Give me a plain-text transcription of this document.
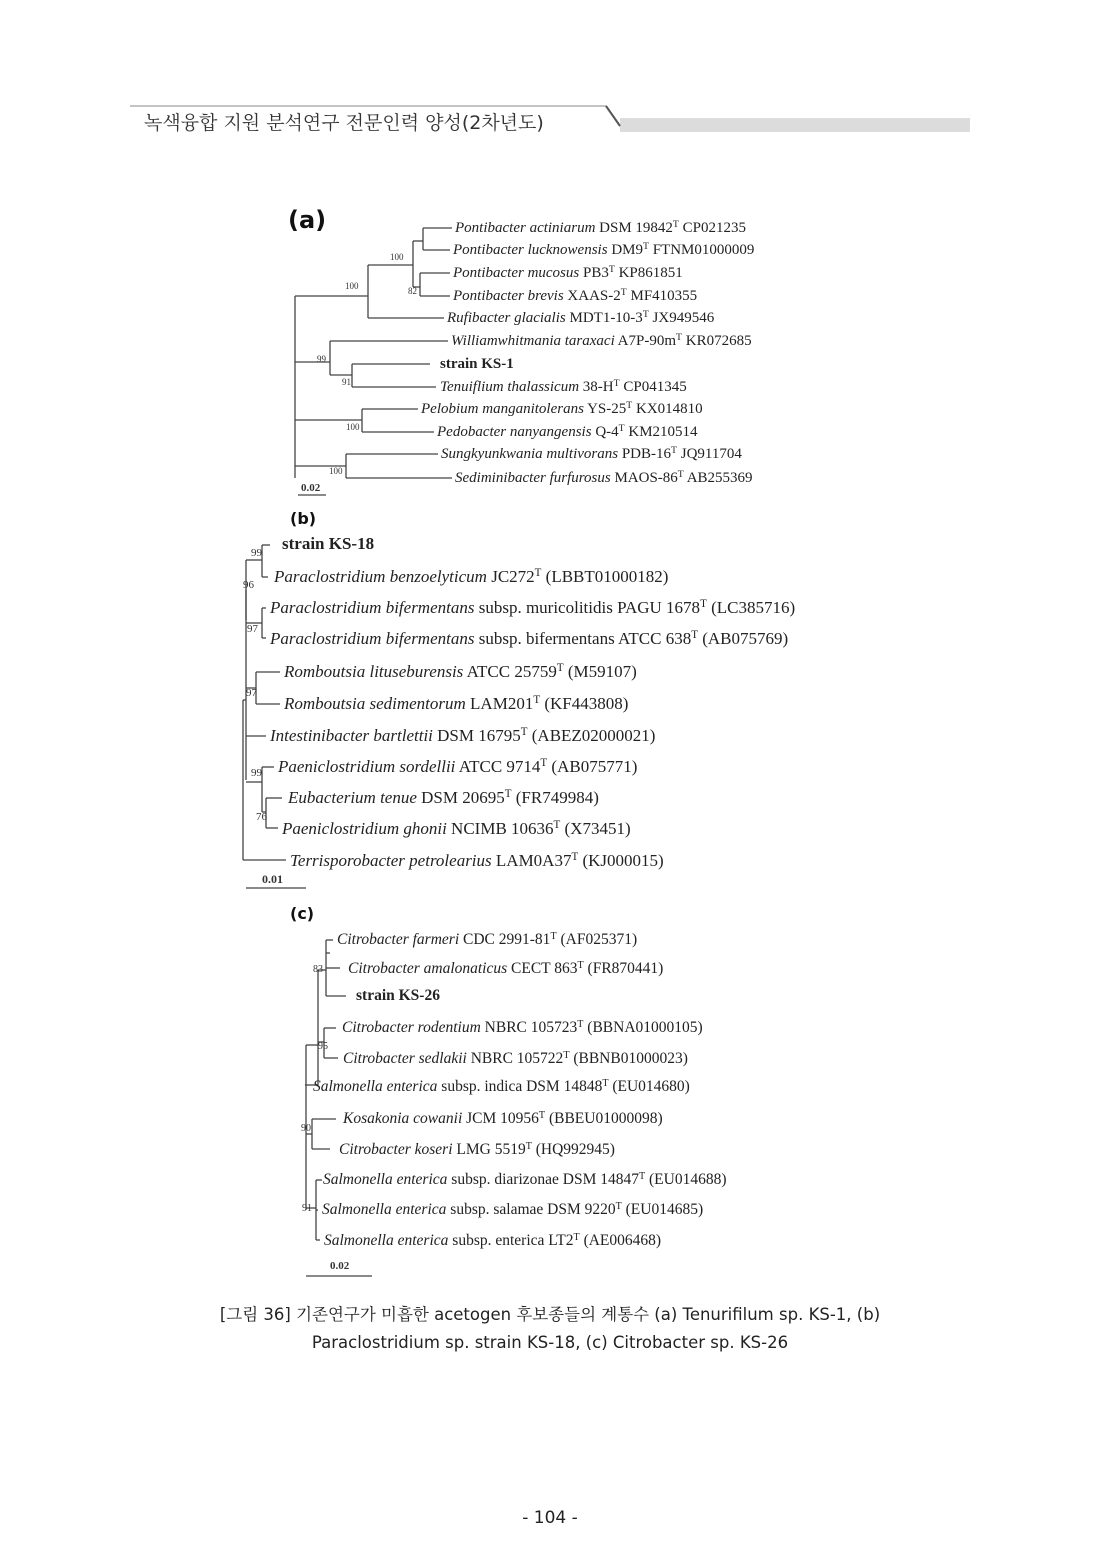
녹색융합 지원 분석연구 전문인력 양성(2차년도)
(a)	Pontibacter actiniarum DSM $19842^T$ CP021235
Pontibacter lucknowensis $DM9^T$ FTNM01000009
Pontibacter mucosus $PB3^T$ KP861851
Pontibacter brevis XAAS-$2^T$ MF410355
Rufibacter glacialis $MDT1-10-3^T$ JX949546
Williamwhitmania taraxaci $A7P-90m^T$ KR072685
strain KS-1
Tenuiflium thalassicum $38-H^T$ CP041345
Pelobium manganitolerans $YS-25^T$ KX014810
Pedobacter nanyangensis $Q-4^T$ KM210514
Sungkyunkwania multivorans PDB-$16^T$ JQ911704
Sediminibacter furfurosus MAOS-$86^T$ AB255369
100
100	82
99
91
100
100
0.02
(b)
strain KS-18
Paraclostridium benzoelyticum $JC272^T$ (LBBT01000182)
Paraclostridium bifermentans subsp. muricolitidis PAGU $1678^T$ (LC385716)
Paraclostridium bifermentans subsp. bifermentans ATCC $638^T$ (AB075769)
Romboutsia lituseburensis ATCC $25759^T$ (M59107)
Romboutsia sedimentorum $LAM201^T$ (KF443808)
Intestinibacter bartlettii DSM $16795^T$ (ABEZ02000021)
Paeniclostridium sordellii ATCC $9714^T$ (AB075771)
Eubacterium tenue DSM $20695^T$ (FR749984)
Paeniclostridium ghonii NCIMB $10636^T$ (X73451)
Terrisporobacter petrolearius $LAM0A37^T$ (KJ000015)
99
96
97
97
99
76
0.01
(c)
Citrobacter farmeri CDC $2991-81^T$ (AF025371)
Citrobacter amalonaticus CECT $863^T$ (FR870441)
strain KS-26
Citrobacter rodentium NBRC $105723^T$ (BBNA01000105)
Citrobacter sedlakii NBRC $105722^T$ (BBNB01000023)
Salmonella enterica subsp. indica DSM $14848^T$ (EU014680)
Kosakonia cowanii JCM $10956^T$ (BBEU01000098)
Citrobacter koseri LMG $5519^T$ (HQ992945)
Salmonella enterica subsp. diarizonae DSM $14847^T$ (EU014688)
Salmonella enterica subsp. salamae DSM $9220^T$ (EU014685)
Salmonella enterica subsp. enterica $LT2^T$ (AE006468)
83
95
90
91
0.02
[그림 36] 기존연구가 미흡한 acetogen 후보종들의 계통수 (a) Tenurifilum sp. KS-1, (b)
Paraclostridium sp. strain KS-18, (c) Citrobacter sp. KS-26
- 104 -
